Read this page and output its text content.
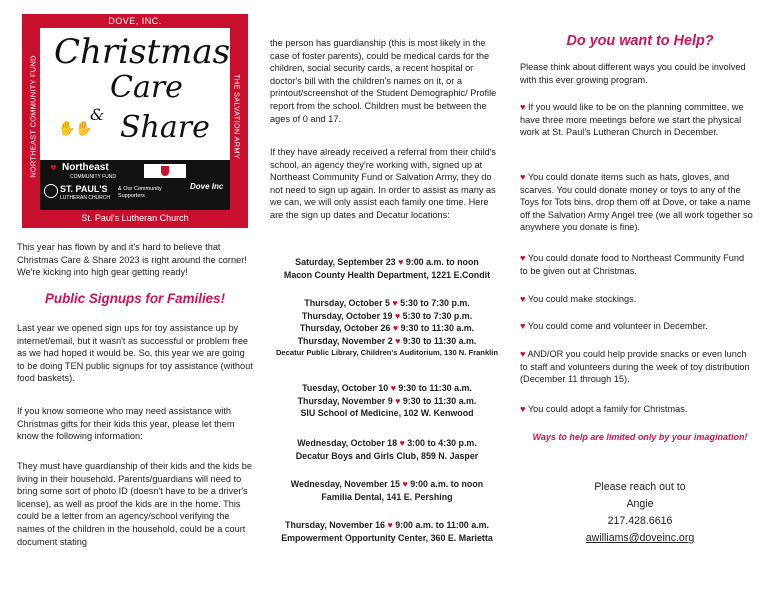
DOVE, INC.
NORTHEAST COMMUNITY FUND	THE SALVATION ARMY
Christmas
Care
& Share
✋✋
♥ Northeast
COMMUNITY FUND
ST. PAUL'S
LUTHERAN CHURCH
& Our Community Supporters
Dove Inc
St. Paul's Lutheran Church

This year has flown by and it's hard to believe that Christmas Care & Share 2023 is right around the corner! We're kicking into high gear getting ready!

Public Signups for Families!

Last year we opened sign ups for toy assistance up by internet/email, but it wasn't as successful or problem free as we had hoped it would be. So, this year we are going to be doing TEN public signups for toy assistance (without food baskets).

If you know someone who may need assistance with Christmas gifts for their kids this year, please let them know the following information:

They must have guardianship of their kids and the kids be living in their household. Parents/guardians will need to bring some sort of photo ID (doesn't have to be a driver's license), as well as proof the kids are in the home. This could be a letter from an agency/school verifying the names of the children in the household, could be a court document stating

the person has guardianship (this is most likely in the case of foster parents), could be medical cards for the children, social security cards, a recent hospital or doctor's bill with the children's names on it, or a printout/screenshot of the Student Demographic/ Profile report from the school. Children must be between the ages of 0 and 17.

If they have already received a referral from their child's school, an agency they're working with, signed up at Northeast Community Fund or Salvation Army, they do not need to sign up again. In order to assist as many as we can, we will only assist each family one time. Here are the sign up dates and Decatur locations:

Saturday, September 23 ♥ 9:00 a.m. to noon
Macon County Health Department, 1221 E.Condit
Thursday, October 5 ♥ 5:30 to 7:30 p.m.
Thursday, October 19 ♥ 5:30 to 7:30 p.m.
Thursday, October 26 ♥ 9:30 to 11:30 a.m.
Thursday, November 2 ♥ 9:30 to 11:30 a.m.
Decatur Public Library, Children's Auditorium, 130 N. Franklin
Tuesday, October 10 ♥ 9:30 to 11:30 a.m.
Thursday, November 9 ♥ 9:30 to 11:30 a.m.
SIU School of Medicine, 102 W. Kenwood
Wednesday, October 18 ♥ 3:00 to 4:30 p.m.
Decatur Boys and Girls Club, 859 N. Jasper
Wednesday, November 15 ♥ 9:00 a.m. to noon
Familia Dental, 141 E. Pershing
Thursday, November 16 ♥ 9:00 a.m. to 11:00 a.m.
Empowerment Opportunity Center, 360 E. Marietta
Do you want to Help?

Please think about different ways you could be involved with this ever growing program.

♥ If you would like to be on the planning committee, we have three more meetings before we start the physical work at St. Paul's Lutheran Church in December.

♥ You could donate items such as hats, gloves, and scarves. You could donate money or toys to any of the Toys for Tots bins, drop them off at Dove, or take a name off the Salvation Army Angel tree (we all work together so anywhere you donate is fine).

♥ You could donate food to Northeast Community Fund to be given out at Christmas.

♥ You could make stockings.

♥ You could come and volunteer in December.

♥ AND/OR you could help provide snacks or even lunch to staff and volunteers during the week of toy distribution (December 11 through 15).

♥ You could adopt a family for Christmas.

Ways to help are limited only by your imagination!
Please reach out to
Angie
217.428.6616
awilliams@doveinc.org
